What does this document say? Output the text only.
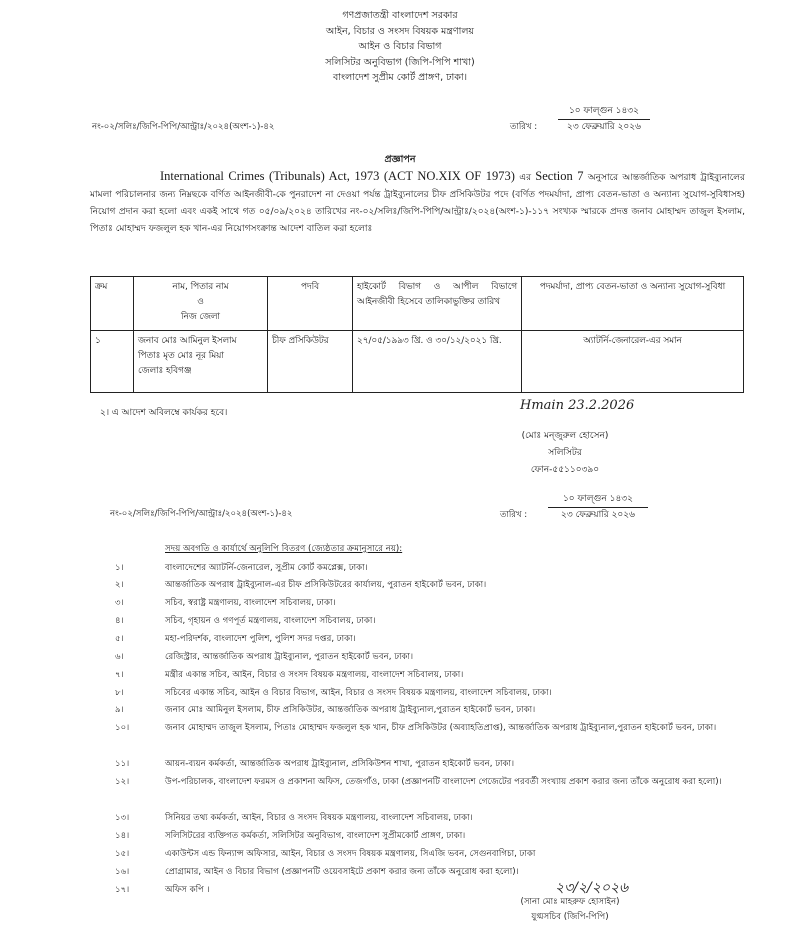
গণপ্রজাতন্ত্রী বাংলাদেশ সরকার
আইন, বিচার ও সংসদ বিষয়ক মন্ত্রণালয়
আইন ও বিচার বিভাগ
সলিসিটর অনুবিভাগ (জিপি-পিপি শাখা)
বাংলাদেশ সুপ্রীম কোর্ট প্রাঙ্গণ, ঢাকা।
নং-০২/সলিঃ/জিপি-পিপি/আন্ট্রাঃ/২০২৪(অংশ-১)-৪২	তারিখ :
১০ ফাল্গুন ১৪৩২
২৩ ফেব্রুয়ারি ২০২৬
প্রজ্ঞাপন
International Crimes (Tribunals) Act, 1973 (ACT NO.XIX OF 1973) এর Section 7 অনুসারে আন্তর্জাতিক অপরাধ ট্রাইব্যুনালের মামলা পরিচালনার জন্য নিম্নছকে বর্ণিত আইনজীবী-কে পুনরাদেশ না দেওয়া পর্যন্ত ট্রাইব্যুনালের চীফ প্রসিকিউটর পদে (বর্ণিত পদমর্যাদা, প্রাপ্য বেতন-ভাতা ও অন্যান্য সুযোগ-সুবিধাসহ) নিয়োগ প্রদান করা হলো এবং একই সাথে গত ০৫/০৯/২০২৪ তারিখের নং-০২/সলিঃ/জিপি-পিপি/আন্ট্রাঃ/২০২৪(অংশ-১)-১১৭ সংখ্যক স্মারকে প্রদত্ত জনাব মোহাম্মদ তাজুল ইসলাম, পিতাঃ মোহাম্মদ ফজলুল হক খান-এর নিয়োগসংক্রান্ত আদেশ বাতিল করা হলোঃ
ক্রম	নাম, পিতার নাম
ও
নিজ জেলা	পদবি	হাইকোর্ট বিভাগ ও আপীল বিভাগে আইনজীবী হিসেবে তালিকাভুক্তির তারিখ	পদমর্যাদা, প্রাপ্য বেতন-ভাতা ও অন্যান্য সুযোগ-সুবিধা
১	জনাব মোঃ আমিনুল ইসলাম
পিতাঃ মৃত মোঃ নূর মিয়া
জেলাঃ হবিগঞ্জ	চীফ প্রসিকিউটর	২৭/০৫/১৯৯৩ খ্রি. ও ৩০/১২/২০২১ খ্রি.	অ্যাটর্নি-জেনারেল-এর সমান
২। এ আদেশ অবিলম্বে কার্যকর হবে।	Hmain 23.2.2026
(মোঃ মন্জুরুল হোসেন)
সলিসিটর
ফোন-৫৫১১০৩৯০
নং-০২/সলিঃ/জিপি-পিপি/আন্ট্রাঃ/২০২৪(অংশ-১)-৪২	তারিখ :
১০ ফাল্গুন ১৪৩২
২৩ ফেব্রুয়ারি ২০২৬
সদয় অবগতি ও কার্যার্থে অনুলিপি বিতরণ (জ্যেষ্ঠতার ক্রমানুসারে নয়):
১।	বাংলাদেশের অ্যাটর্নি-জেনারেল, সুপ্রীম কোর্ট কমপ্লেক্স, ঢাকা।
২।	আন্তর্জাতিক অপরাধ ট্রাইব্যুনাল-এর চীফ প্রসিকিউটরের কার্যালয়, পুরাতন হাইকোর্ট ভবন, ঢাকা।
৩।	সচিব, স্বরাষ্ট্র মন্ত্রণালয়, বাংলাদেশ সচিবালয়, ঢাকা।
৪।	সচিব, গৃহায়ন ও গণপূর্ত মন্ত্রণালয়, বাংলাদেশ সচিবালয়, ঢাকা।
৫।	মহা-পরিদর্শক, বাংলাদেশ পুলিশ, পুলিশ সদর দপ্তর, ঢাকা।
৬।	রেজিস্ট্রার, আন্তর্জাতিক অপরাধ ট্রাইব্যুনাল, পুরাতন হাইকোর্ট ভবন, ঢাকা।
৭।	মন্ত্রীর একান্ত সচিব, আইন, বিচার ও সংসদ বিষয়ক মন্ত্রণালয়, বাংলাদেশ সচিবালয়, ঢাকা।
৮।	সচিবের একান্ত সচিব, আইন ও বিচার বিভাগ, আইন, বিচার ও সংসদ বিষয়ক মন্ত্রণালয়, বাংলাদেশ সচিবালয়, ঢাকা।
৯।	জনাব মোঃ আমিনুল ইসলাম, চীফ প্রসিকিউটর, আন্তর্জাতিক অপরাধ ট্রাইব্যুনাল,পুরাতন হাইকোর্ট ভবন, ঢাকা।
১০।	জনাব মোহাম্মদ তাজুল ইসলাম, পিতাঃ মোহাম্মদ ফজলুল হক খান, চীফ প্রসিকিউটর (অব্যাহতিপ্রাপ্ত), আন্তর্জাতিক অপরাধ ট্রাইব্যুনাল,পুরাতন হাইকোর্ট ভবন, ঢাকা।
১১।	আয়ন-ব্যয়ন কর্মকর্তা, আন্তর্জাতিক অপরাধ ট্রাইব্যুনাল, প্রসিকিউশন শাখা, পুরাতন হাইকোর্ট ভবন, ঢাকা।
১২।	উপ-পরিচালক, বাংলাদেশ ফরমস ও প্রকাশনা অফিস, তেজগাঁও, ঢাকা (প্রজ্ঞাপনটি বাংলাদেশ গেজেটের পরবর্তী সংখ্যায় প্রকাশ করার জন্য তাঁকে অনুরোধ করা হলো)।
১৩।	সিনিয়র তথ্য কর্মকর্তা, আইন, বিচার ও সংসদ বিষয়ক মন্ত্রণালয়, বাংলাদেশ সচিবালয়, ঢাকা।
১৪।	সলিসিটরের ব্যক্তিগত কর্মকর্তা, সলিসিটর অনুবিভাগ, বাংলাদেশ সুপ্রীমকোর্ট প্রাঙ্গণ, ঢাকা।
১৫।	একাউন্টস এন্ড ফিন্যান্স অফিসার, আইন, বিচার ও সংসদ বিষয়ক মন্ত্রণালয়, সিএজি ভবন, সেগুনবাগিচা, ঢাকা
১৬।	প্রোগ্রামার, আইন ও বিচার বিভাগ (প্রজ্ঞাপনটি ওয়েবসাইটে প্রকাশ করার জন্য তাঁকে অনুরোধ করা হলো)।
১৭।	অফিস কপি ।	২৩/২/২০২৬
(সানা মোঃ মাহরুফ হোসাইন)
যুগ্মসচিব (জিপি-পিপি)
